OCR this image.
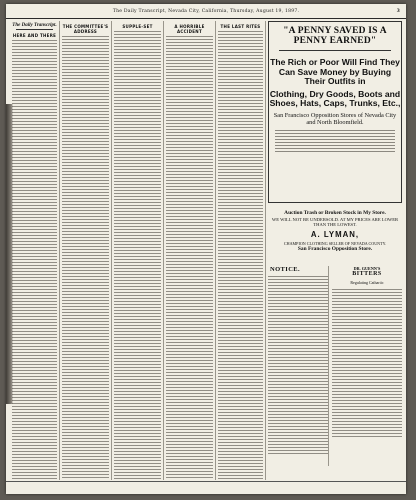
The Daily Transcript, Nevada City, California, Thursday, August 19, 1897.	3
The Daily Transcript.
HERE AND THERE
THE COMMITTEE'S ADDRESS
SUPPLE-SET	A HORRIBLE ACCIDENT
THE LAST RITES	"A PENNY SAVED IS A PENNY EARNED"
The Rich or Poor Will Find They Can Save Money by Buying Their Outfits in
Clothing, Dry Goods, Boots and Shoes, Hats, Caps, Trunks, Etc.,
San Francisco Opposition Stores of Nevada City and North Bloomfield.
Auction Trash or Broken Stock in My Store.
WE WILL NOT BE UNDERSOLD. AT MY PRICES ARE LOWER THAN THE LOWEST.
A. LYMAN,
CHAMPION CLOTHING SELLER OF NEVADA COUNTY.
San Francisco Opposition Store.
NOTICE.	DR. GUENN'S
BITTERS
Regulating Cathartic
